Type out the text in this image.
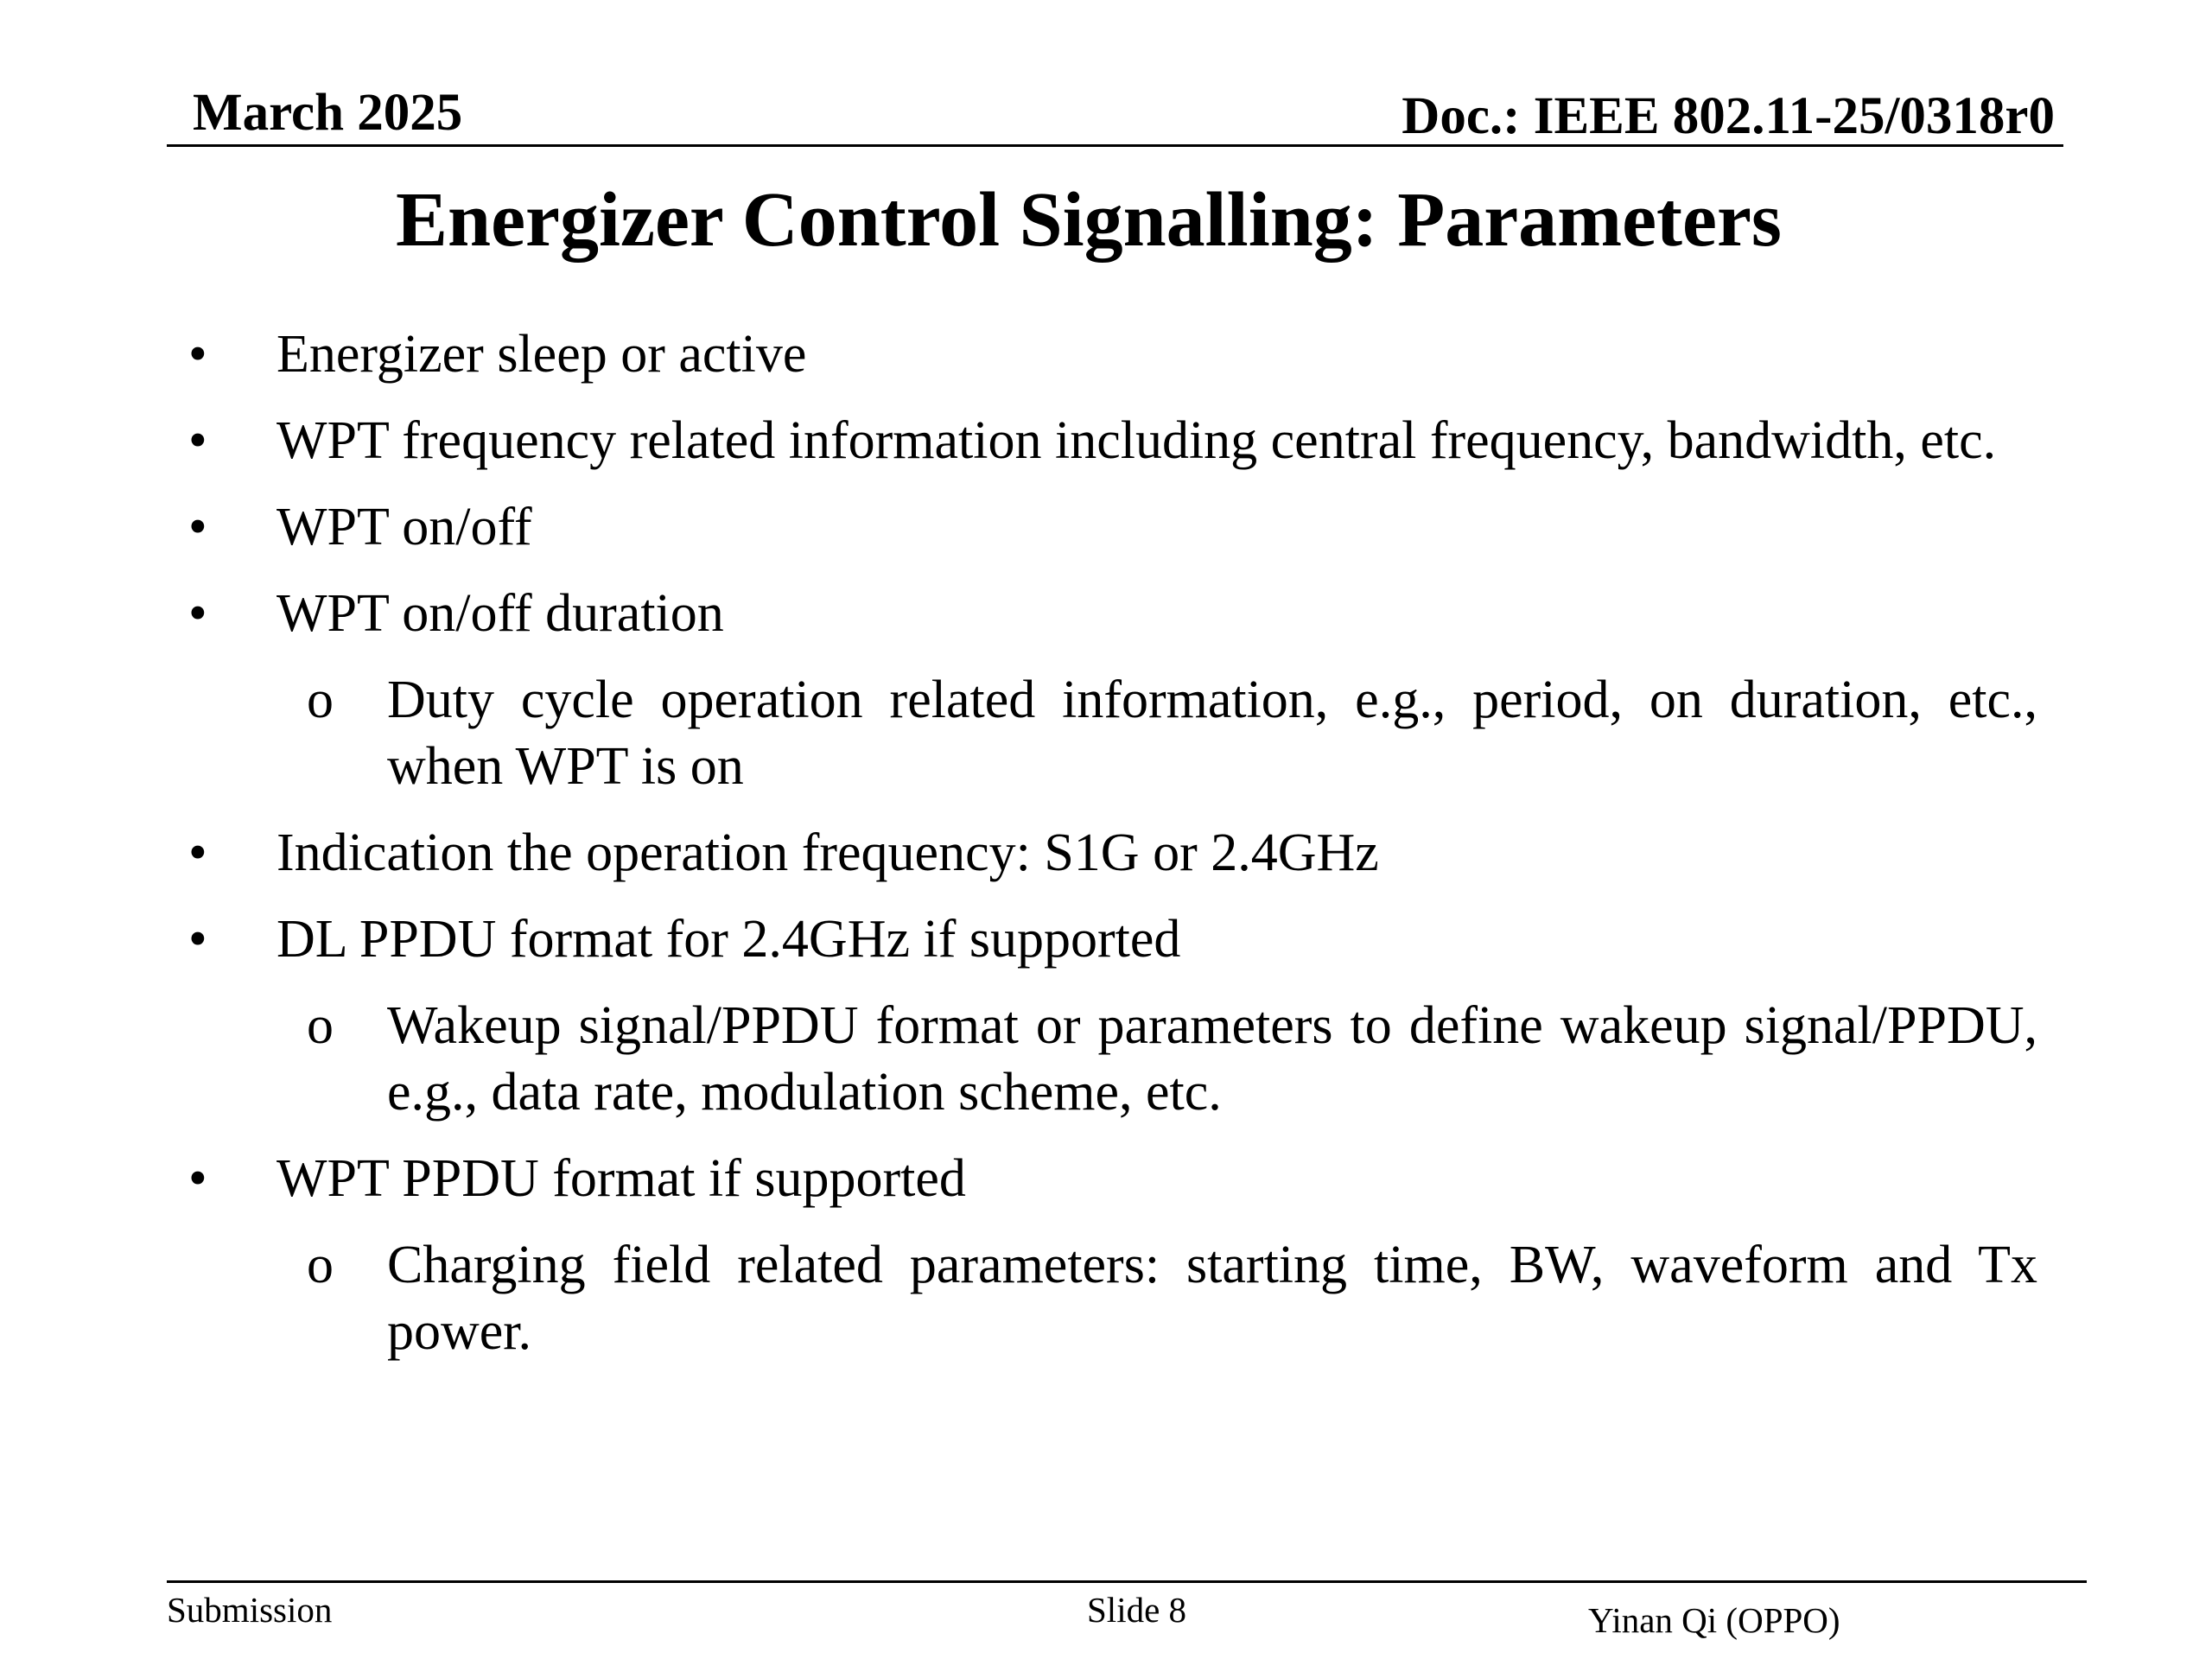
March 2025	Doc.: IEEE 802.11-25/0318r0
Energizer Control Signalling: Parameters
• Energizer sleep or active
• WPT frequency related information including central frequency, bandwidth, etc.
• WPT on/off
• WPT on/off duration
o Duty cycle operation related information, e.g., period, on duration, etc., when WPT is on
• Indication the operation frequency: S1G or 2.4GHz
• DL PPDU format for 2.4GHz if supported
o Wakeup signal/PPDU format or parameters to define wakeup signal/PPDU, e.g., data rate, modulation scheme, etc.
• WPT PPDU format if supported
o Charging field related parameters: starting time, BW, waveform and Tx power.
Submission	Slide 8	Yinan Qi (OPPO)
